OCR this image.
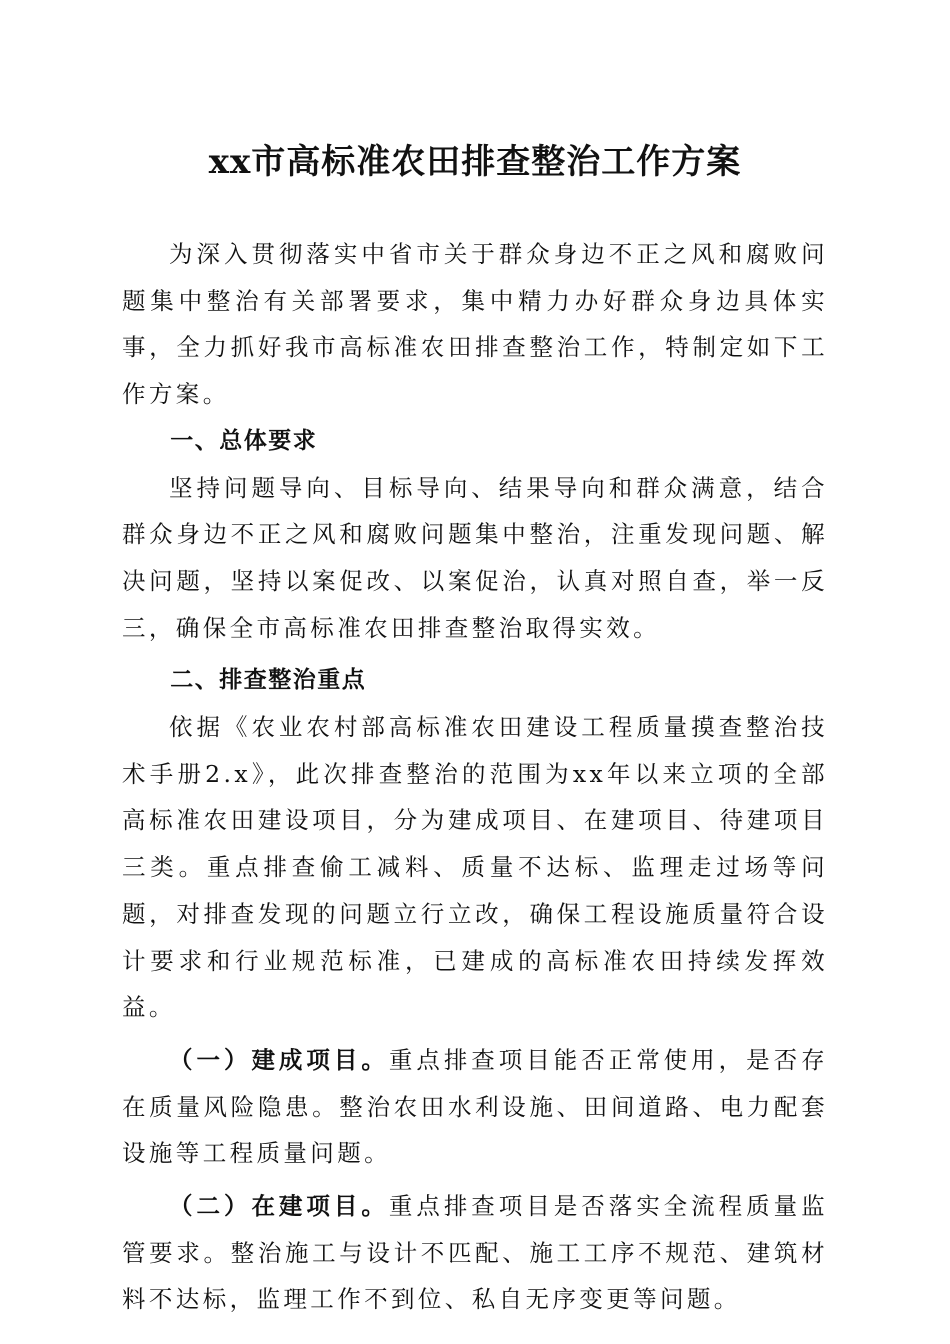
xx市高标准农田排查整治工作方案

为深入贯彻落实中省市关于群众身边不正之风和腐败问题集中整治有关部署要求，集中精力办好群众身边具体实事，全力抓好我市高标准农田排查整治工作，特制定如下工作方案。

一、总体要求

坚持问题导向、目标导向、结果导向和群众满意，结合群众身边不正之风和腐败问题集中整治，注重发现问题、解决问题，坚持以案促改、以案促治，认真对照自查，举一反三，确保全市高标准农田排查整治取得实效。

二、排查整治重点

依据《农业农村部高标准农田建设工程质量摸查整治技术手册2.x》，此次排查整治的范围为xx年以来立项的全部高标准农田建设项目，分为建成项目、在建项目、待建项目三类。重点排查偷工减料、质量不达标、监理走过场等问题，对排查发现的问题立行立改，确保工程设施质量符合设计要求和行业规范标准，已建成的高标准农田持续发挥效益。

（一）建成项目。重点排查项目能否正常使用，是否存在质量风险隐患。整治农田水利设施、田间道路、电力配套设施等工程质量问题。

（二）在建项目。重点排查项目是否落实全流程质量监管要求。整治施工与设计不匹配、施工工序不规范、建筑材料不达标，监理工作不到位、私自无序变更等问题。
